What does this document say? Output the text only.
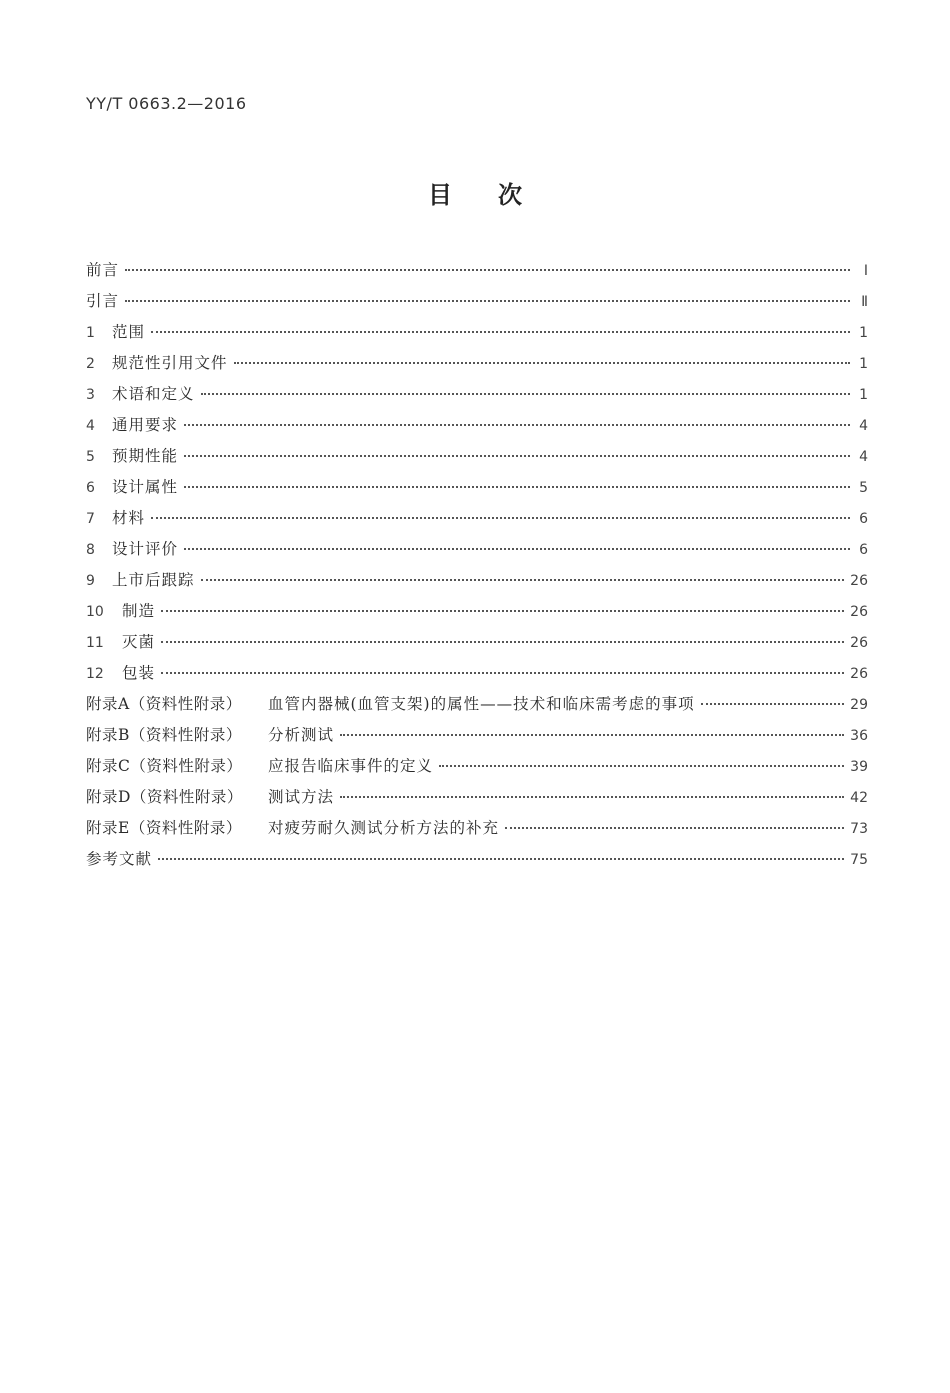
YY/T 0663.2—2016
目次
前言	Ⅰ
引言	Ⅱ
1	范围	1
2	规范性引用文件	1
3	术语和定义	1
4	通用要求	4
5	预期性能	4
6	设计属性	5
7	材料	6
8	设计评价	6
9	上市后跟踪	26
10	制造	26
11	灭菌	26
12	包装	26
附录A（资料性附录）	血管内器械(血管支架)的属性——技术和临床需考虑的事项	29
附录B（资料性附录）	分析测试	36
附录C（资料性附录）	应报告临床事件的定义	39
附录D（资料性附录）	测试方法	42
附录E（资料性附录）	对疲劳耐久测试分析方法的补充	73
参考文献	75
